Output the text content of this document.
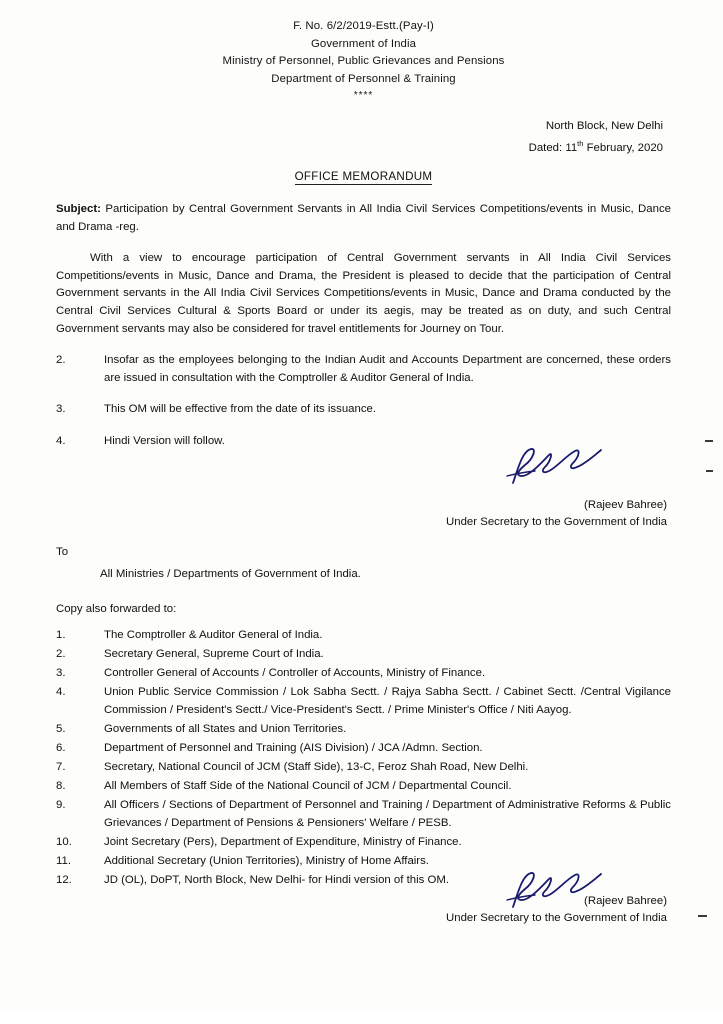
F. No. 6/2/2019-Estt.(Pay-I)
Government of India
Ministry of Personnel, Public Grievances and Pensions
Department of Personnel & Training
****
North Block, New Delhi
Dated: 11th February, 2020
OFFICE MEMORANDUM
Subject: Participation by Central Government Servants in All India Civil Services Competitions/events in Music, Dance and Drama -reg.

With a view to encourage participation of Central Government servants in All India Civil Services Competitions/events in Music, Dance and Drama, the President is pleased to decide that the participation of Central Government servants in the All India Civil Services Competitions/events in Music, Dance and Drama conducted by the Central Civil Services Cultural & Sports Board or under its aegis, may be treated as on duty, and such Central Government servants may also be considered for travel entitlements for Journey on Tour.

2.	Insofar as the employees belonging to the Indian Audit and Accounts Department are concerned, these orders are issued in consultation with the Comptroller & Auditor General of India.
3.	This OM will be effective from the date of its issuance.
4.	Hindi Version will follow.
(Rajeev Bahree)
Under Secretary to the Government of India
To
All Ministries / Departments of Government of India.
Copy also forwarded to:
1.	The Comptroller & Auditor General of India.
2.	Secretary General, Supreme Court of India.
3.	Controller General of Accounts / Controller of Accounts, Ministry of Finance.
4.	Union Public Service Commission / Lok Sabha Sectt. / Rajya Sabha Sectt. / Cabinet Sectt. /Central Vigilance Commission / President's Sectt./ Vice-President's Sectt. / Prime Minister's Office / Niti Aayog.
5.	Governments of all States and Union Territories.
6.	Department of Personnel and Training (AIS Division) / JCA /Admn. Section.
7.	Secretary, National Council of JCM (Staff Side), 13-C, Feroz Shah Road, New Delhi.
8.	All Members of Staff Side of the National Council of JCM / Departmental Council.
9.	All Officers / Sections of Department of Personnel and Training / Department of Administrative Reforms & Public Grievances / Department of Pensions & Pensioners' Welfare / PESB.
10.	Joint Secretary (Pers), Department of Expenditure, Ministry of Finance.
11.	Additional Secretary (Union Territories), Ministry of Home Affairs.
12.	JD (OL), DoPT, North Block, New Delhi- for Hindi version of this OM.
(Rajeev Bahree)
Under Secretary to the Government of India
